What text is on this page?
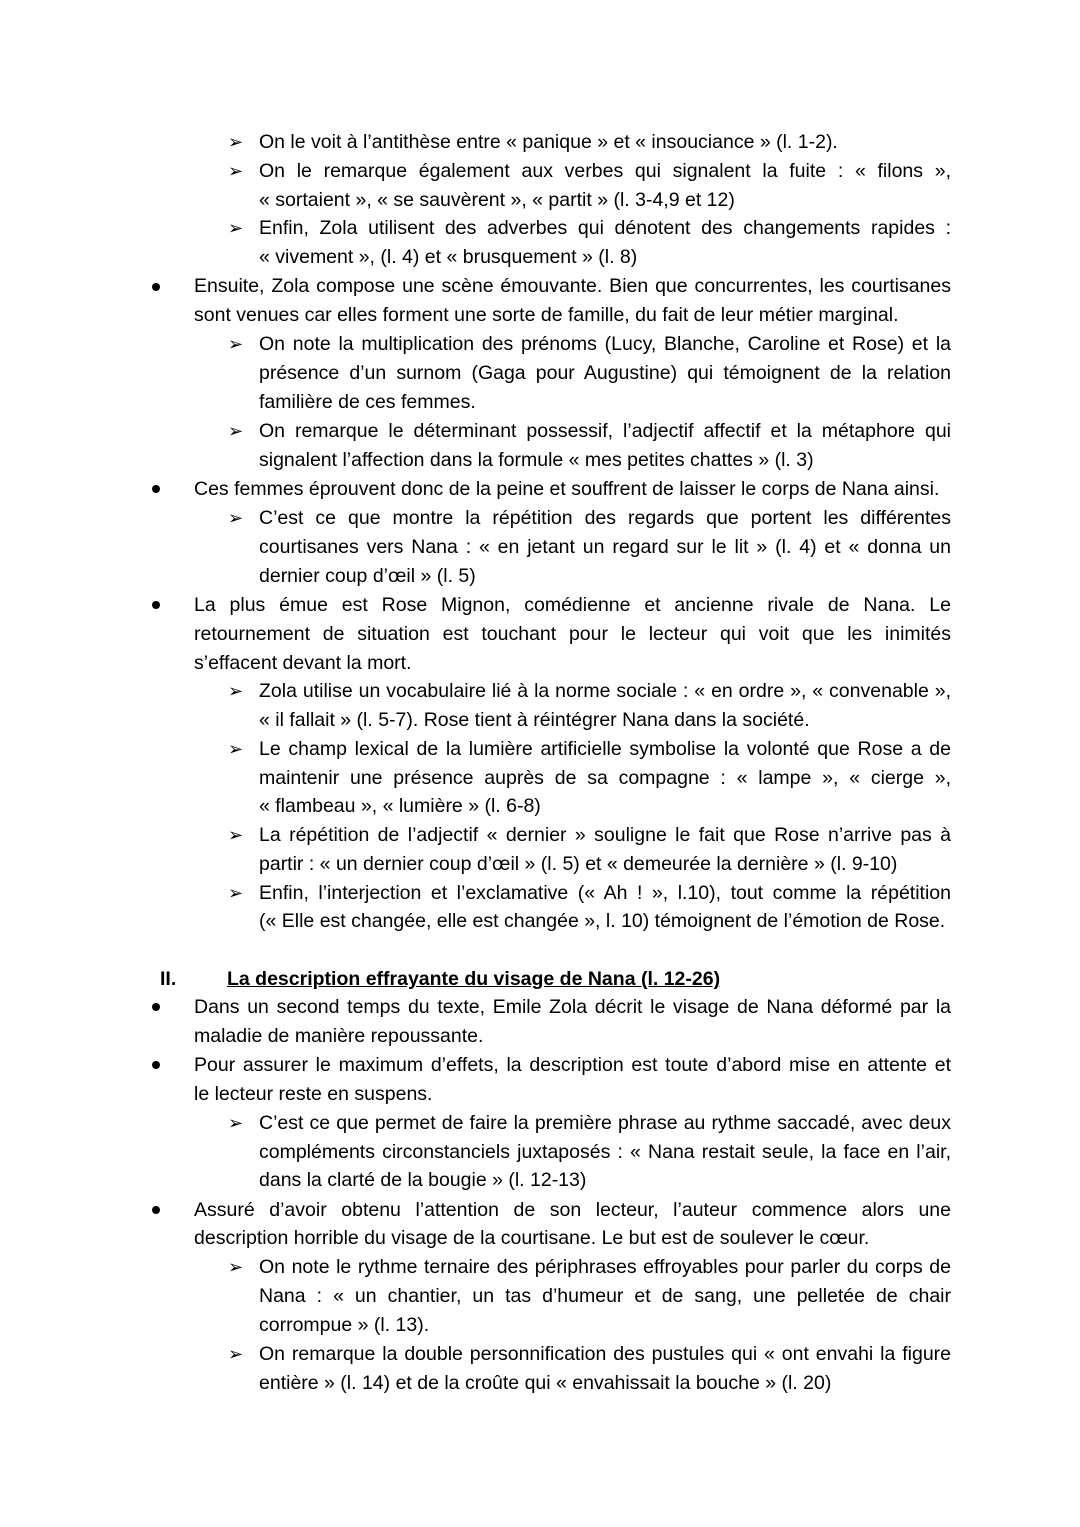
➢ On le voit à l’antithèse entre « panique » et « insouciance » (l. 1-2).
➢ On le remarque également aux verbes qui signalent la fuite : « filons »,
« sortaient », « se sauvèrent », « partit » (l. 3-4,9 et 12)
➢ Enfin, Zola utilisent des adverbes qui dénotent des changements rapides :
« vivement », (l. 4) et « brusquement » (l. 8)
Ensuite, Zola compose une scène émouvante. Bien que concurrentes, les courtisanes
sont venues car elles forment une sorte de famille, du fait de leur métier marginal.
➢ On note la multiplication des prénoms (Lucy, Blanche, Caroline et Rose) et la
présence d’un surnom (Gaga pour Augustine) qui témoignent de la relation
familière de ces femmes.
➢ On remarque le déterminant possessif, l’adjectif affectif et la métaphore qui
signalent l’affection dans la formule « mes petites chattes » (l. 3)
Ces femmes éprouvent donc de la peine et souffrent de laisser le corps de Nana ainsi.
➢ C’est ce que montre la répétition des regards que portent les différentes
courtisanes vers Nana : « en jetant un regard sur le lit » (l. 4) et « donna un
dernier coup d’œil » (l. 5)
La plus émue est Rose Mignon, comédienne et ancienne rivale de Nana. Le
retournement de situation est touchant pour le lecteur qui voit que les inimités
s’effacent devant la mort.
➢ Zola utilise un vocabulaire lié à la norme sociale : « en ordre », « convenable »,
« il fallait » (l. 5-7). Rose tient à réintégrer Nana dans la société.
➢ Le champ lexical de la lumière artificielle symbolise la volonté que Rose a de
maintenir une présence auprès de sa compagne : « lampe », « cierge »,
« flambeau », « lumière » (l. 6-8)
➢ La répétition de l’adjectif « dernier » souligne le fait que Rose n’arrive pas à
partir : « un dernier coup d’œil » (l. 5) et « demeurée la dernière » (l. 9-10)
➢ Enfin, l’interjection et l’exclamative (« Ah ! », l.10), tout comme la répétition
(« Elle est changée, elle est changée », l. 10) témoignent de l’émotion de Rose.
II.	La description effrayante du visage de Nana (l. 12-26)
Dans un second temps du texte, Emile Zola décrit le visage de Nana déformé par la
maladie de manière repoussante.
Pour assurer le maximum d’effets, la description est toute d’abord mise en attente et
le lecteur reste en suspens.
➢ C’est ce que permet de faire la première phrase au rythme saccadé, avec deux
compléments circonstanciels juxtaposés : « Nana restait seule, la face en l’air,
dans la clarté de la bougie » (l. 12-13)
Assuré d’avoir obtenu l’attention de son lecteur, l’auteur commence alors une
description horrible du visage de la courtisane. Le but est de soulever le cœur.
➢ On note le rythme ternaire des périphrases effroyables pour parler du corps de
Nana : « un chantier, un tas d’humeur et de sang, une pelletée de chair
corrompue » (l. 13).
➢ On remarque la double personnification des pustules qui « ont envahi la figure
entière » (l. 14) et de la croûte qui « envahissait la bouche » (l. 20)
